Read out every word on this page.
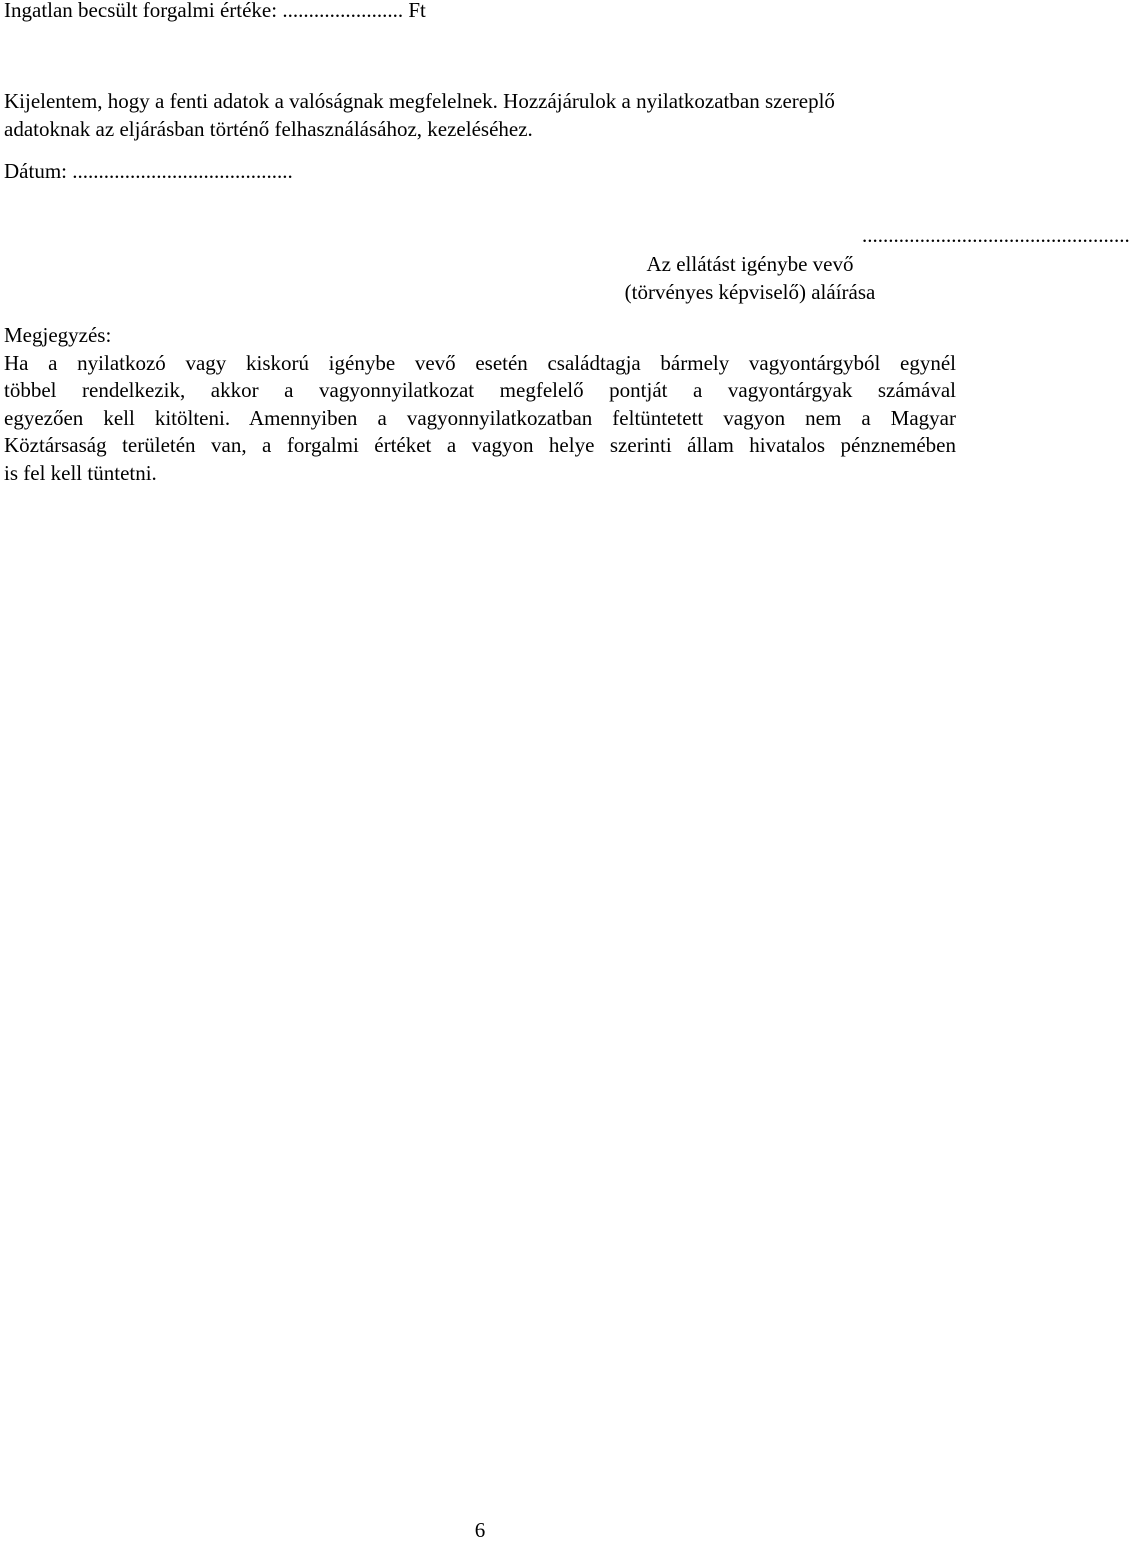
Ingatlan becsült forgalmi értéke: ....................... Ft
Kijelentem, hogy a fenti adatok a valóságnak megfelelnek. Hozzájárulok a nyilatkozatban szereplő
adatoknak az eljárásban történő felhasználásához, kezeléséhez.
Dátum: ..........................................
...................................................
Az ellátást igénybe vevő
(törvényes képviselő) aláírása
Megjegyzés:
Ha a nyilatkozó vagy kiskorú igénybe vevő esetén családtagja bármely vagyontárgyból egynél
többel rendelkezik, akkor a vagyonnyilatkozat megfelelő pontját a vagyontárgyak számával
egyezően kell kitölteni. Amennyiben a vagyonnyilatkozatban feltüntetett vagyon nem a Magyar
Köztársaság területén van, a forgalmi értéket a vagyon helye szerinti állam hivatalos pénznemében
is fel kell tüntetni.
6
